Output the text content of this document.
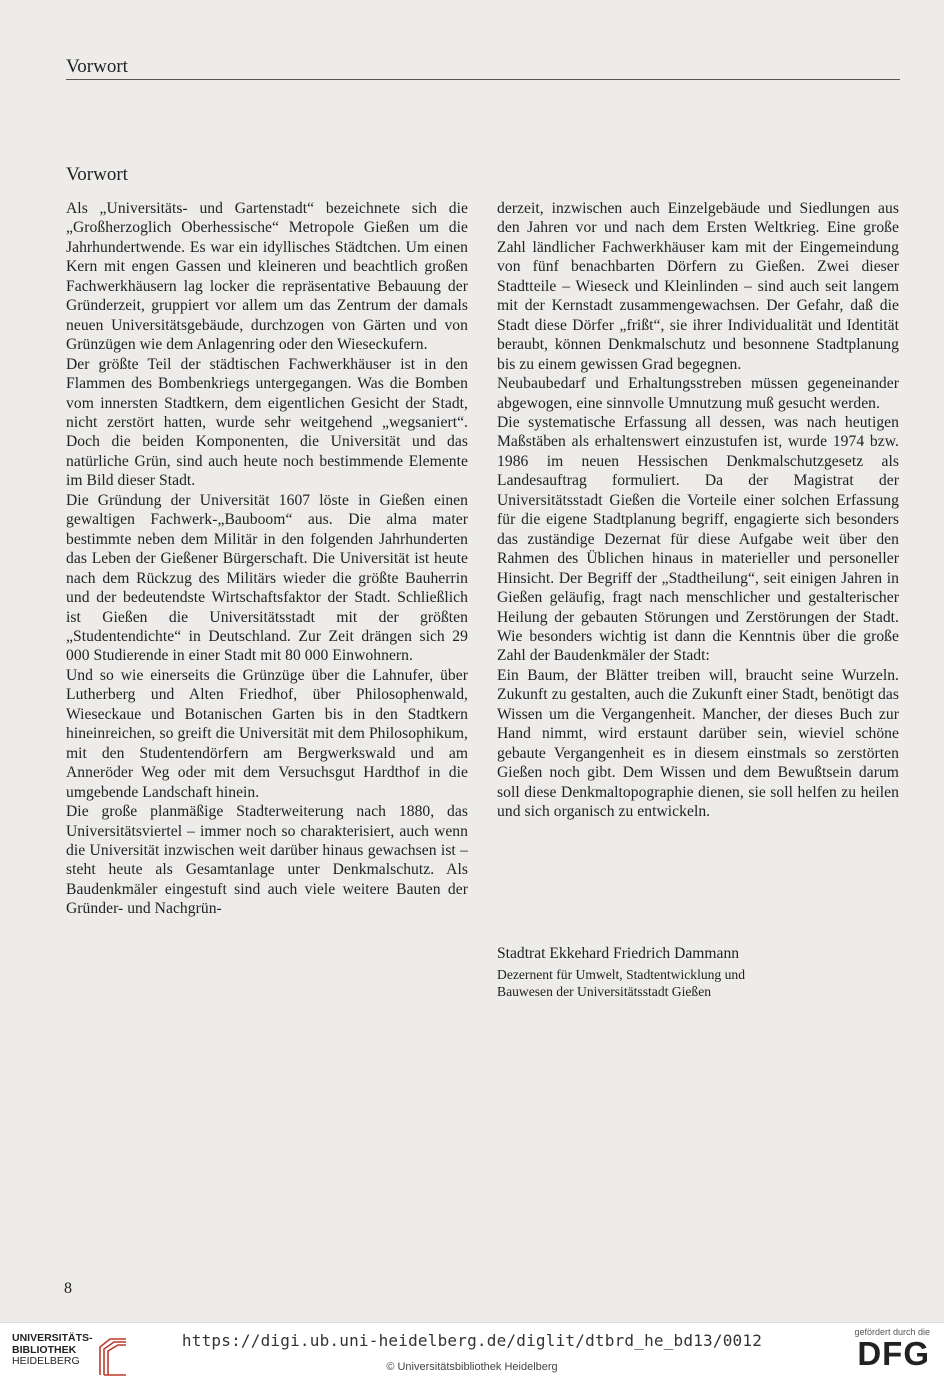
Vorwort
Vorwort

Als „Universitäts- und Gartenstadt“ bezeichnete sich die „Großherzoglich Oberhessische“ Metropole Gießen um die Jahrhundertwende. Es war ein idyllisches Städtchen. Um einen Kern mit engen Gassen und kleineren und beachtlich großen Fachwerkhäusern lag locker die repräsentative Bebauung der Gründerzeit, gruppiert vor allem um das Zentrum der damals neuen Universitätsgebäude, durchzogen von Gärten und von Grünzügen wie dem Anlagenring oder den Wieseckufern.

Der größte Teil der städtischen Fachwerkhäuser ist in den Flammen des Bombenkriegs untergegangen. Was die Bomben vom innersten Stadtkern, dem eigentlichen Gesicht der Stadt, nicht zerstört hatten, wurde sehr weitgehend „wegsaniert“. Doch die beiden Komponenten, die Universität und das natürliche Grün, sind auch heute noch bestimmende Elemente im Bild dieser Stadt.

Die Gründung der Universität 1607 löste in Gießen einen gewaltigen Fachwerk-„Bauboom“ aus. Die alma mater bestimmte neben dem Militär in den folgenden Jahrhunderten das Leben der Gießener Bürgerschaft. Die Universität ist heute nach dem Rückzug des Militärs wieder die größte Bauherrin und der bedeutendste Wirtschaftsfaktor der Stadt. Schließlich ist Gießen die Universitätsstadt mit der größten „Studentendichte“ in Deutschland. Zur Zeit drängen sich 29 000 Studierende in einer Stadt mit 80 000 Einwohnern.

Und so wie einerseits die Grünzüge über die Lahnufer, über Lutherberg und Alten Friedhof, über Philosophenwald, Wieseckaue und Botanischen Garten bis in den Stadtkern hineinreichen, so greift die Universität mit dem Philosophikum, mit den Studentendörfern am Bergwerkswald und am Anneröder Weg oder mit dem Versuchsgut Hardthof in die umgebende Landschaft hinein.

Die große planmäßige Stadterweiterung nach 1880, das Universitätsviertel – immer noch so charakterisiert, auch wenn die Universität inzwischen weit darüber hinaus gewachsen ist – steht heute als Gesamtanlage unter Denkmalschutz. Als Baudenkmäler eingestuft sind auch viele weitere Bauten der Gründer- und Nachgrün-

derzeit, inzwischen auch Einzelgebäude und Siedlungen aus den Jahren vor und nach dem Ersten Weltkrieg. Eine große Zahl ländlicher Fachwerkhäuser kam mit der Eingemeindung von fünf benachbarten Dörfern zu Gießen. Zwei dieser Stadtteile – Wieseck und Kleinlinden – sind auch seit langem mit der Kernstadt zusammengewachsen. Der Gefahr, daß die Stadt diese Dörfer „frißt“, sie ihrer Individualität und Identität beraubt, können Denkmalschutz und besonnene Stadtplanung bis zu einem gewissen Grad begegnen.

Neubaubedarf und Erhaltungsstreben müssen gegeneinander abgewogen, eine sinnvolle Umnutzung muß gesucht werden.

Die systematische Erfassung all dessen, was nach heutigen Maßstäben als erhaltenswert einzustufen ist, wurde 1974 bzw. 1986 im neuen Hessischen Denkmalschutzgesetz als Landesauftrag formuliert. Da der Magistrat der Universitätsstadt Gießen die Vorteile einer solchen Erfassung für die eigene Stadtplanung begriff, engagierte sich besonders das zuständige Dezernat für diese Aufgabe weit über den Rahmen des Üblichen hinaus in materieller und personeller Hinsicht. Der Begriff der „Stadtheilung“, seit einigen Jahren in Gießen geläufig, fragt nach menschlicher und gestalterischer Heilung der gebauten Störungen und Zerstörungen der Stadt. Wie besonders wichtig ist dann die Kenntnis über die große Zahl der Baudenkmäler der Stadt:

Ein Baum, der Blätter treiben will, braucht seine Wurzeln. Zukunft zu gestalten, auch die Zukunft einer Stadt, benötigt das Wissen um die Vergangenheit. Mancher, der dieses Buch zur Hand nimmt, wird erstaunt darüber sein, wieviel schöne gebaute Vergangenheit es in diesem einstmals so zerstörten Gießen noch gibt. Dem Wissen und dem Bewußtsein darum soll diese Denkmaltopographie dienen, sie soll helfen zu heilen und sich organisch zu entwickeln.

Stadtrat Ekkehard Friedrich Dammann

Dezernent für Umwelt, Stadtentwicklung und

Bauwesen der Universitätsstadt Gießen

8
UNIVERSITÄTS-
BIBLIOTHEK
HEIDELBERG
https://digi.ub.uni-heidelberg.de/diglit/dtbrd_he_bd13/0012
© Universitätsbibliothek Heidelberg
gefördert durch die
DFG
